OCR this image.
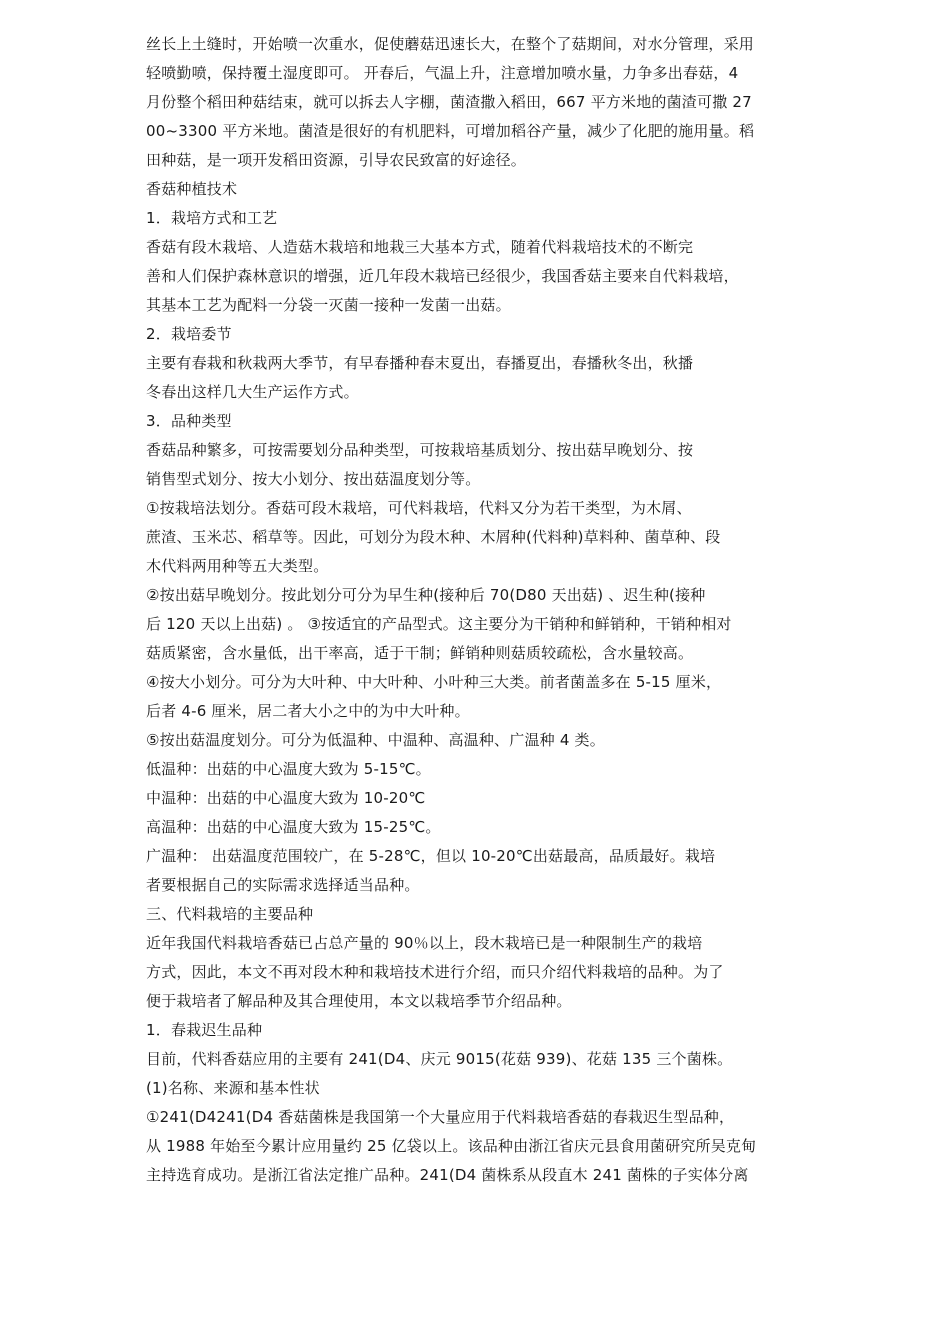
丝长上土缝时，开始喷一次重水，促使蘑菇迅速长大，在整个了菇期间，对水分管理，采用
轻喷勤喷，保持覆土湿度即可。 开春后，气温上升，注意增加喷水量，力争多出春菇，4
月份整个稻田种菇结束，就可以拆去人字棚，菌渣撒入稻田，667 平方米地的菌渣可撒 27
00~3300 平方米地。菌渣是很好的有机肥料，可增加稻谷产量，减少了化肥的施用量。稻
田种菇，是一项开发稻田资源，引导农民致富的好途径。
香菇种植技术
1．栽培方式和工艺
香菇有段木栽培、人造菇木栽培和地栽三大基本方式，随着代料栽培技术的不断完
善和人们保护森林意识的增强，近几年段木栽培已经很少，我国香菇主要来自代料栽培，
其基本工艺为配料一分袋一灭菌一接种一发菌一出菇。
2．栽培委节
主要有春栽和秋栽两大季节，有早春播种春末夏出，春播夏出，春播秋冬出，秋播
冬春出这样几大生产运作方式。
3．品种类型
香菇品种繁多，可按需要划分品种类型，可按栽培基质划分、按出菇早晚划分、按
销售型式划分、按大小划分、按出菇温度划分等。
①按栽培法划分。香菇可段木栽培，可代料栽培，代料又分为若干类型，为木屑、
蔗渣、玉米芯、稻草等。因此，可划分为段木种、木屑种(代料种)草料种、菌草种、段
木代料两用种等五大类型。
②按出菇早晚划分。按此划分可分为早生种(接种后 70(D80 天出菇) 、迟生种(接种
后 120 天以上出菇) 。 ③按适宜的产品型式。这主要分为干销种和鲜销种，干销种相对
菇质紧密，含水量低，出干率高，适于干制；鲜销种则菇质较疏松，含水量较高。
④按大小划分。可分为大叶种、中大叶种、小叶种三大类。前者菌盖多在 5-15 厘米，
后者 4-6 厘米，居二者大小之中的为中大叶种。
⑤按出菇温度划分。可分为低温种、中温种、高温种、广温种 4 类。
低温种：出菇的中心温度大致为 5-15℃。
中温种：出菇的中心温度大致为 10-20℃
高温种：出菇的中心温度大致为 15-25℃。
广温种： 出菇温度范围较广，在 5-28℃，但以 10-20℃出菇最高，品质最好。栽培
者要根据自己的实际需求选择适当品种。
三、代料栽培的主要品种
近年我国代料栽培香菇已占总产量的 90％以上，段木栽培已是一种限制生产的栽培
方式，因此，本文不再对段木种和栽培技术进行介绍，而只介绍代料栽培的品种。为了
便于栽培者了解品种及其合理使用，本文以栽培季节介绍品种。
1．春栽迟生品种
目前，代料香菇应用的主要有 241(D4、庆元 9015(花菇 939)、花菇 135 三个菌株。
(1)名称、来源和基本性状
①241(D4241(D4 香菇菌株是我国第一个大量应用于代料栽培香菇的春栽迟生型品种，
从 1988 年始至今累计应用量约 25 亿袋以上。该品种由浙江省庆元县食用菌研究所吴克甸
主持选育成功。是浙江省法定推广品种。241(D4 菌株系从段直木 241 菌株的子实体分离
